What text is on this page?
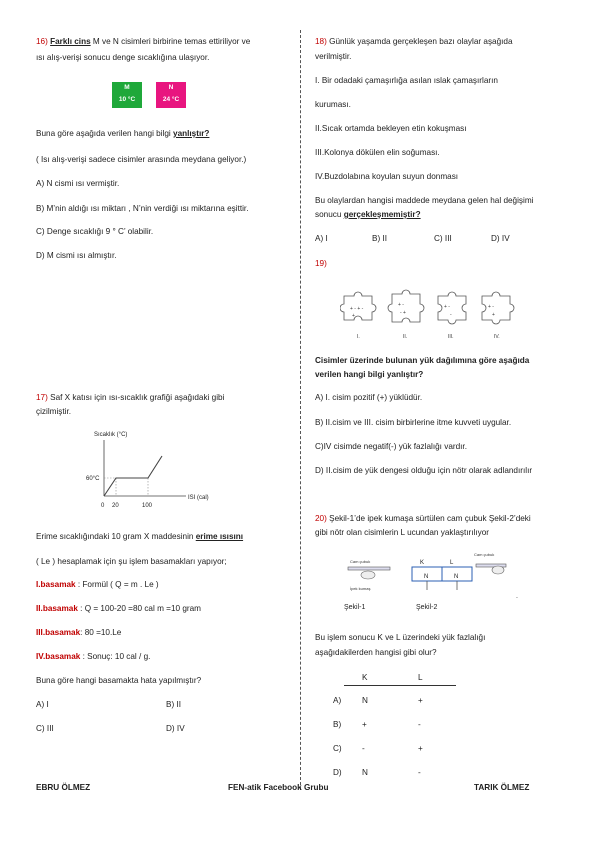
16) Farklı cins M ve N cisimleri birbirine temas ettiriliyor ve
ısı alış-verişi sonucu denge sıcaklığına ulaşıyor.
M
10 °C
N
24 °C
Buna göre aşağıda verilen hangi bilgi yanlıştır?
( Isı alış-verişi sadece cisimler arasında meydana geliyor.)
A) N cismi ısı vermiştir.
B) M’nin aldığı ısı miktarı , N’nin verdiği ısı miktarına eşittir.
C) Denge sıcaklığı 9 ° C’ olabilir.
D) M cismi ısı almıştır.
17) Saf X katısı için ısı-sıcaklık grafiği aşağıdaki gibi
çizilmiştir.
Sıcaklık (°C)
ISI (cal)
60°C
0 20	100
Erime sıcaklığındaki 10 gram X maddesinin erime ısısını
( Le ) hesaplamak için şu işlem basamakları yapıyor;
I.basamak : Formül ( Q = m . Le )
II.basamak : Q = 100-20 =80 cal m =10 gram
III.basamak: 80 =10.Le
IV.basamak : Sonuç: 10 cal / g.
Buna göre hangi basamakta hata yapılmıştır?
A) I	B) II
C) III	D) IV
18) Günlük yaşamda gerçekleşen bazı olaylar aşağıda
verilmiştir.
I. Bir odadaki çamaşırlığa asılan ıslak çamaşırların
kuruması.
II.Sıcak ortamda bekleyen etin kokuşması
III.Kolonya dökülen elin soğuması.
IV.Buzdolabına koyulan suyun donması
Bu olaylardan hangisi maddede meydana gelen hal değişimi
sonucu gerçekleşmemiştir?
A) I	B) II	C) III	D) IV
19)
+ - + -
+
+ -
- +
+ -
-
+ -
+
I.	II.	III.	IV.
Cisimler üzerinde bulunan yük dağılımına göre aşağıda
verilen hangi bilgi yanlıştır?
A) I. cisim pozitif (+) yüklüdür.
B) II.cisim ve III. cisim birbirlerine itme kuvveti uygular.
C)IV cisimde negatif(-) yük fazlalığı vardır.
D) II.cisim de yük dengesi olduğu için nötr olarak adlandırılır
20) Şekil-1’de ipek kumaşa sürtülen cam çubuk Şekil-2’deki
gibi nötr olan cisimlerin L ucundan yaklaştırılıyor
Cam çubuk
İpek kumaş
K	L
N	N
Cam çubuk
Şekil-1	Şekil-2
.
Bu işlem sonucu K ve L üzerindeki yük fazlalığı
aşağıdakilerden hangisi gibi olur?
K	L
A)	N	+
B)	+	-
C) -	+
D) N	-
EBRU ÖLMEZ	FEN-atik Facebook Grubu	TARIK ÖLMEZ
